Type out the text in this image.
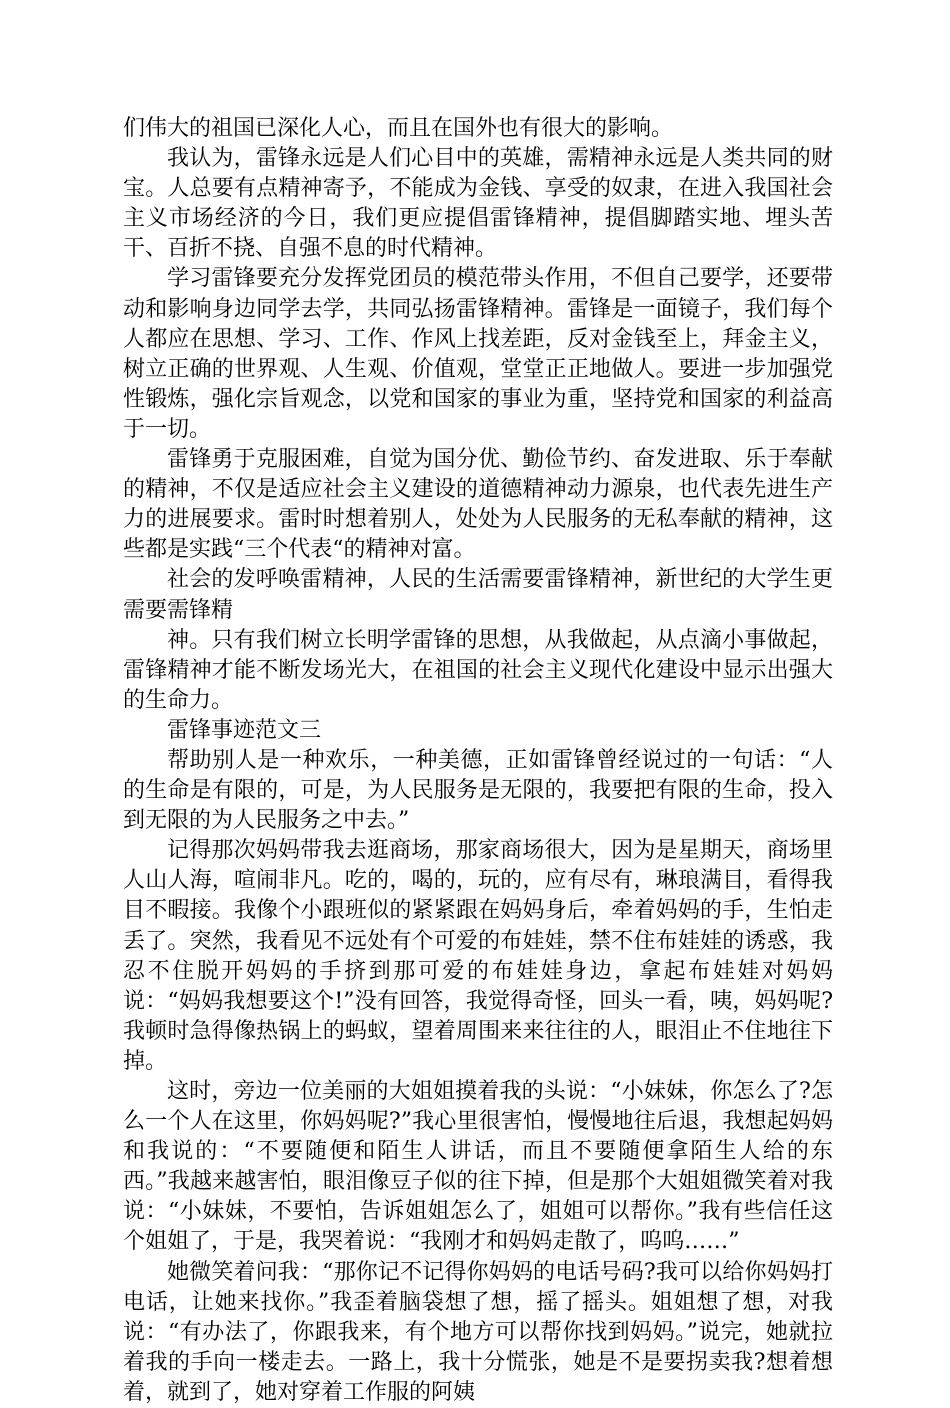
们伟大的祖国已深化人心，而且在国外也有很大的影响。

我认为，雷锋永远是人们心目中的英雄，需精神永远是人类共同的财宝。人总要有点精神寄予，不能成为金钱、享受的奴隶，在进入我国社会主义市场经济的今日，我们更应提倡雷锋精神，提倡脚踏实地、埋头苦干、百折不挠、自强不息的时代精神。

学习雷锋要充分发挥党团员的模范带头作用，不但自己要学，还要带动和影响身边同学去学，共同弘扬雷锋精神。雷锋是一面镜子，我们每个人都应在思想、学习、工作、作风上找差距，反对金钱至上，拜金主义，树立正确的世界观、人生观、价值观，堂堂正正地做人。要进一步加强党性锻炼，强化宗旨观念，以党和国家的事业为重，坚持党和国家的利益高于一切。

雷锋勇于克服困难，自觉为国分优、勤俭节约、奋发进取、乐于奉献的精神，不仅是适应社会主义建设的道德精神动力源泉，也代表先进生产力的进展要求。雷时时想着别人，处处为人民服务的无私奉献的精神，这些都是实践“三个代表“的精神对富。

社会的发呼唤雷精神，人民的生活需要雷锋精神，新世纪的大学生更需要需锋精

神。只有我们树立长明学雷锋的思想，从我做起，从点滴小事做起，雷锋精神才能不断发场光大，在祖国的社会主义现代化建设中显示出强大的生命力。

雷锋事迹范文三

帮助别人是一种欢乐，一种美德，正如雷锋曾经说过的一句话：“人的生命是有限的，可是，为人民服务是无限的，我要把有限的生命，投入到无限的为人民服务之中去。”

记得那次妈妈带我去逛商场，那家商场很大，因为是星期天，商场里人山人海，喧闹非凡。吃的，喝的，玩的，应有尽有，琳琅满目，看得我目不暇接。我像个小跟班似的紧紧跟在妈妈身后，牵着妈妈的手，生怕走丢了。突然，我看见不远处有个可爱的布娃娃，禁不住布娃娃的诱惑，我忍不住脱开妈妈的手挤到那可爱的布娃娃身边，拿起布娃娃对妈妈说：“妈妈我想要这个!”没有回答，我觉得奇怪，回头一看，咦，妈妈呢?我顿时急得像热锅上的蚂蚁，望着周围来来往往的人，眼泪止不住地往下掉。

这时，旁边一位美丽的大姐姐摸着我的头说：“小妹妹，你怎么了?怎么一个人在这里，你妈妈呢?”我心里很害怕，慢慢地往后退，我想起妈妈和我说的：“不要随便和陌生人讲话，而且不要随便拿陌生人给的东西。”我越来越害怕，眼泪像豆子似的往下掉，但是那个大姐姐微笑着对我说：“小妹妹，不要怕，告诉姐姐怎么了，姐姐可以帮你。”我有些信任这个姐姐了，于是，我哭着说：“我刚才和妈妈走散了，呜呜……”

她微笑着问我：“那你记不记得你妈妈的电话号码?我可以给你妈妈打电话，让她来找你。”我歪着脑袋想了想，摇了摇头。姐姐想了想，对我说：“有办法了，你跟我来，有个地方可以帮你找到妈妈。”说完，她就拉着我的手向一楼走去。一路上，我十分慌张，她是不是要拐卖我?想着想着，就到了，她对穿着工作服的阿姨
